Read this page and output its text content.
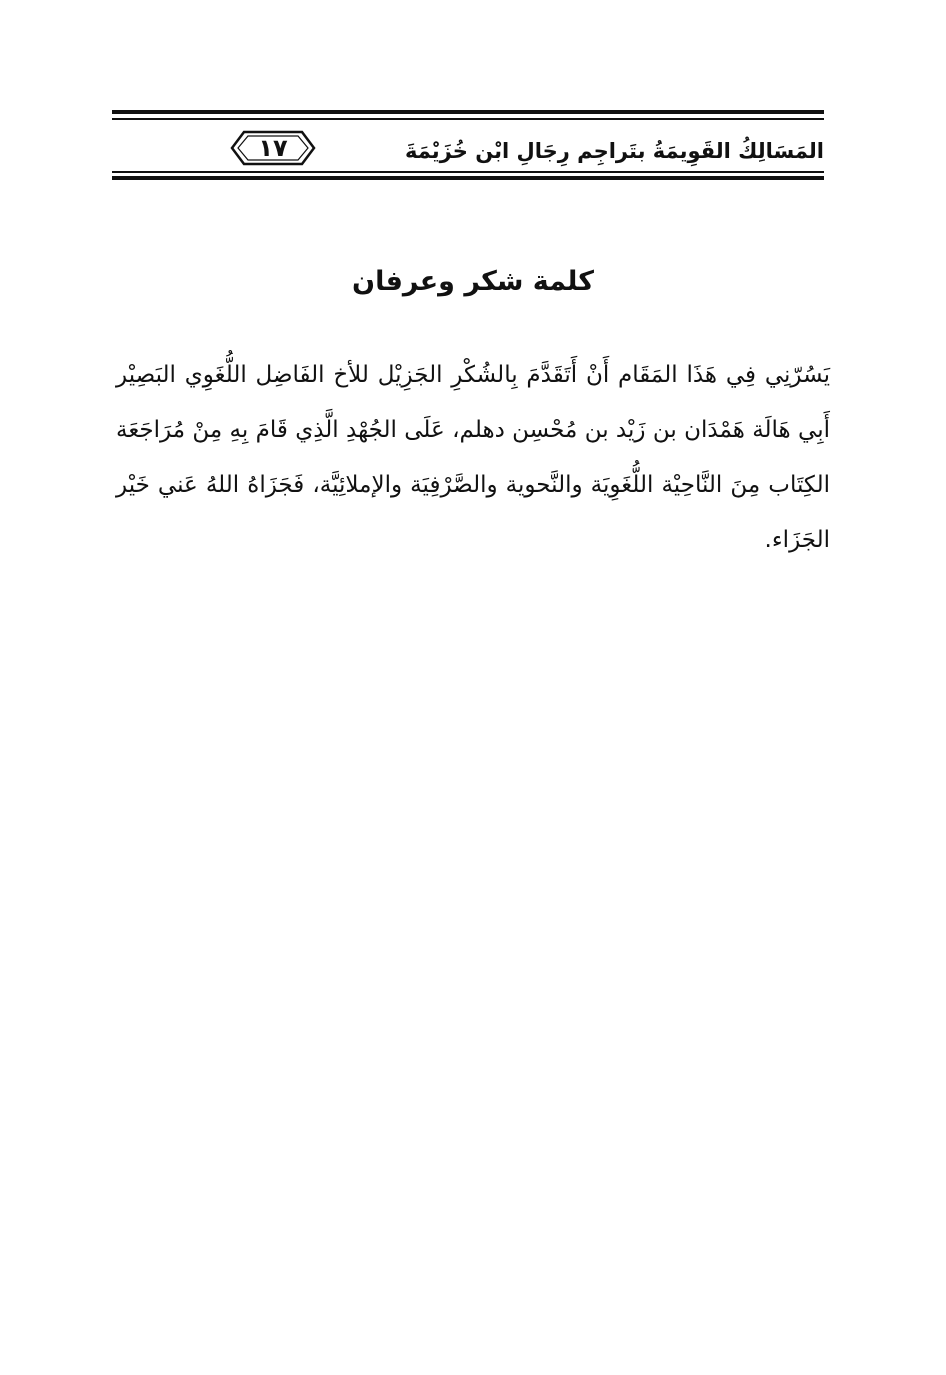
١٧	المَسَالِكُ القَوِيمَةُ بتَراجِم رِجَالِ ابْن خُزَيْمَةَ
كلمة شكر وعرفان

يَسُرّنِي فِي هَذَا المَقَام أَنْ أَتَقَدَّمَ بِالشُكْرِ الجَزِيْل للأخ الفَاضِل اللُّغَوِي البَصِيْر أَبِي هَالَة هَمْدَان بن زَيْد بن مُحْسِن دهلم، عَلَى الجُهْدِ الَّذِي قَامَ بِهِ مِنْ مُرَاجَعَة الكِتَاب مِنَ النَّاحِيْة اللُّغَوِيَة والنَّحوية والصَّرْفِيَة والإملائِيَّة، فَجَزَاهُ اللهُ عَني خَيْر الجَزَاء.
